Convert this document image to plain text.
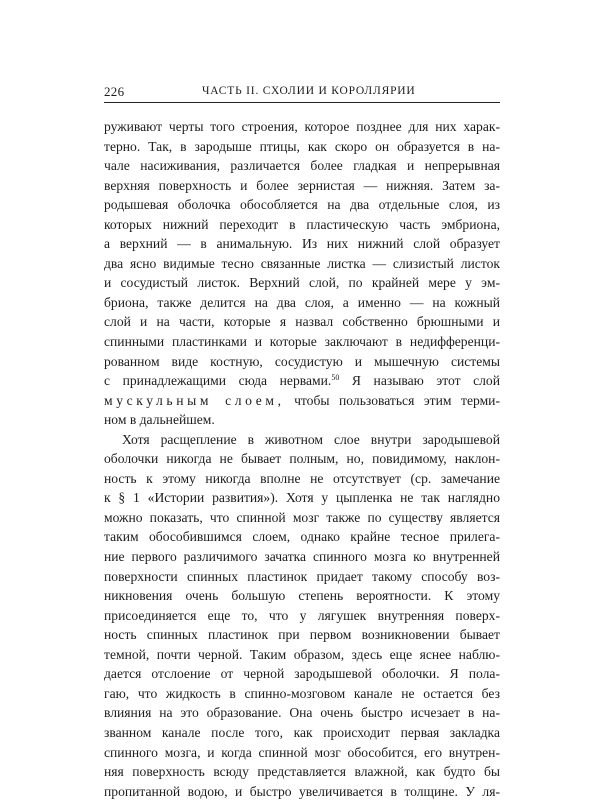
226	ЧАСТЬ II. СХОЛИИ И КОРОЛЛЯРИИ
руживают черты того строения, которое позднее для них харак-
терно. Так, в зародыше птицы, как скоро он образуется в на-
чале насиживания, различается более гладкая и непрерывная
верхняя поверхность и более зернистая — нижняя. Затем за-
родышевая оболочка обособляется на два отдельные слоя, из
которых нижний переходит в пластическую часть эмбриона,
а верхний — в анимальную. Из них нижний слой образует
два ясно видимые тесно связанные листка — слизистый листок
и сосудистый листок. Верхний слой, по крайней мере у эм-
бриона, также делится на два слоя, а именно — на кожный
слой и на части, которые я назвал собственно брюшными и
спинными пластинками и которые заключают в недифференци-
рованном виде костную, сосудистую и мышечную системы
с принадлежащими сюда нервами.$^{50}$ Я называю этот слой
мускульным слоем, чтобы пользоваться этим терми-
ном в дальнейшем.
Хотя расщепление в животном слое внутри зародышевой
оболочки никогда не бывает полным, но, повидимому, наклон-
ность к этому никогда вполне не отсутствует (ср. замечание
к § 1 «Истории развития»). Хотя у цыпленка не так наглядно
можно показать, что спинной мозг также по существу является
таким обособившимся слоем, однако крайне тесное прилега-
ние первого различимого зачатка спинного мозга ко внутренней
поверхности спинных пластинок придает такому способу воз-
никновения очень большую степень вероятности. К этому
присоединяется еще то, что у лягушек внутренняя поверх-
ность спинных пластинок при первом возникновении бывает
темной, почти черной. Таким образом, здесь еще яснее наблю-
дается отслоение от черной зародышевой оболочки. Я пола-
гаю, что жидкость в спинно-мозговом канале не остается без
влияния на это образование. Она очень быстро исчезает в на-
званном канале после того, как происходит первая закладка
спинного мозга, и когда спинной мозг обособится, его внутрен-
няя поверхность всюду представляется влажной, как будто бы
пропитанной водою, и быстро увеличивается в толщине. У ля-
